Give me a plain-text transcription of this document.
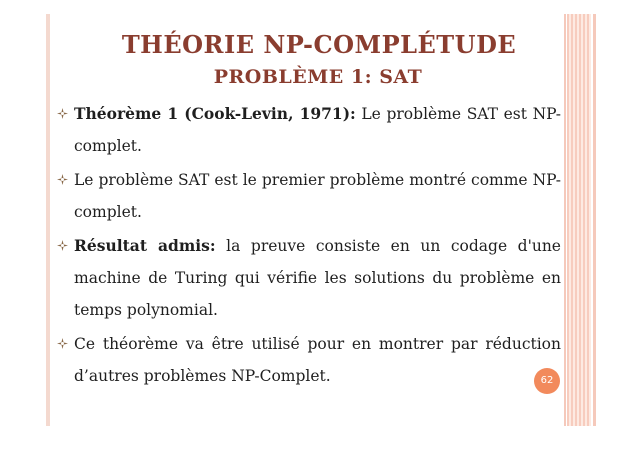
THÉORIE NP-COMPLÉTUDE
PROBLÈME 1: SAT
Théorème 1 (Cook-Levin, 1971): Le problème SAT est NP-complet.
Le problème SAT est le premier problème montré comme NP-complet.
Résultat admis: la preuve consiste en un codage d'une machine de Turing qui vérifie les solutions du problème en temps polynomial.
Ce théorème va être utilisé pour en montrer par réduction d’autres problèmes NP-Complet.	62
